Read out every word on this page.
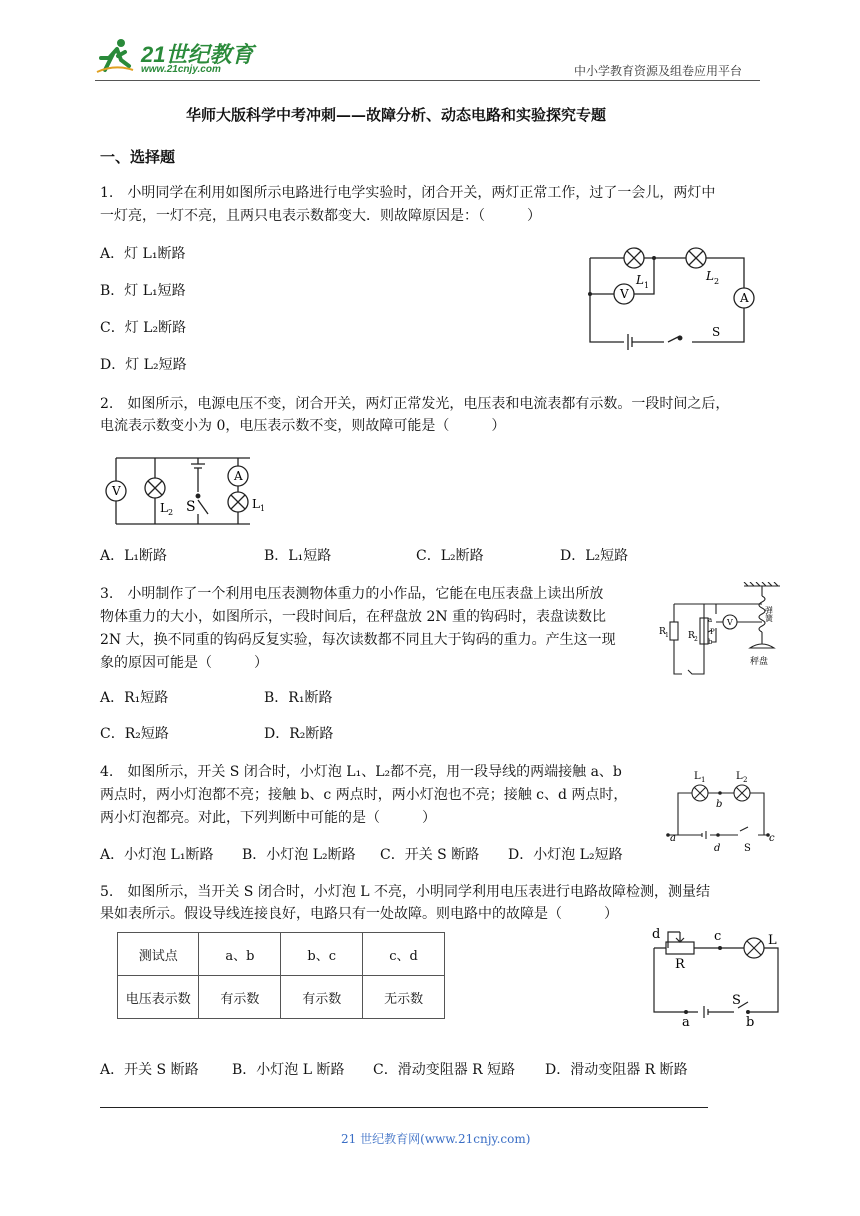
21世纪教育
www.21cnjy.com	中小学教育资源及组卷应用平台
华师大版科学中考冲刺——故障分析、动态电路和实验探究专题
一、选择题
1.　小明同学在利用如图所示电路进行电学实验时，闭合开关，两灯正常工作，过了一会儿，两灯中
一灯亮，一灯不亮，且两只电表示数都变大．则故障原因是：（　　　）
A．灯 L₁断路
B．灯 L₁短路
C．灯 L₂断路
D．灯 L₂短路
V	A
L 1
L 2
S
2.　如图所示，电源电压不变，闭合开关，两灯正常发光，电压表和电流表都有示数。一段时间之后，
电流表示数变小为 0，电压表示数不变，则故障可能是（　　　）
V
A
L 2 S	L 1
A．L₁断路	B．L₁短路	C．L₂断路	D．L₂短路
3.　小明制作了一个利用电压表测物体重力的小作品，它能在电压表盘上读出所放
物体重力的大小，如图所示，一段时间后，在秤盘放 2N 重的钩码时，表盘读数比
2N 大，换不同重的钩码反复实验，每次读数都不同且大于钩码的重力。产生这一现
象的原因可能是（　　　）
R 1 R 2
a
P
b
V
弹簧
秤盘
A．R₁短路	B．R₁断路
C．R₂短路	D．R₂断路
4.　如图所示，开关 S 闭合时，小灯泡 L₁、L₂都不亮，用一段导线的两端接触 a、b
两点时，两小灯泡都不亮；接触 b、c 两点时，两小灯泡也不亮；接触 c、d 两点时，
两小灯泡都亮。对此，下列判断中可能的是（　　　）
L 1	L 2
b
a	c
d S
A．小灯泡 L₁断路 B．小灯泡 L₂断路 C．开关 S 断路 D．小灯泡 L₂短路
5.　如图所示，当开关 S 闭合时，小灯泡 L 不亮，小明同学利用电压表进行电路故障检测，测量结
果如表所示。假设导线连接良好，电路只有一处故障。则电路中的故障是（　　　）
测试点	a、b	b、c	c、d
电压表示数	有示数	有示数	无示数
d	c
R
L
S
a	b
A．开关 S 断路 B．小灯泡 L 断路 C．滑动变阻器 R 短路 D．滑动变阻器 R 断路
21 世纪教育网(www.21cnjy.com)
